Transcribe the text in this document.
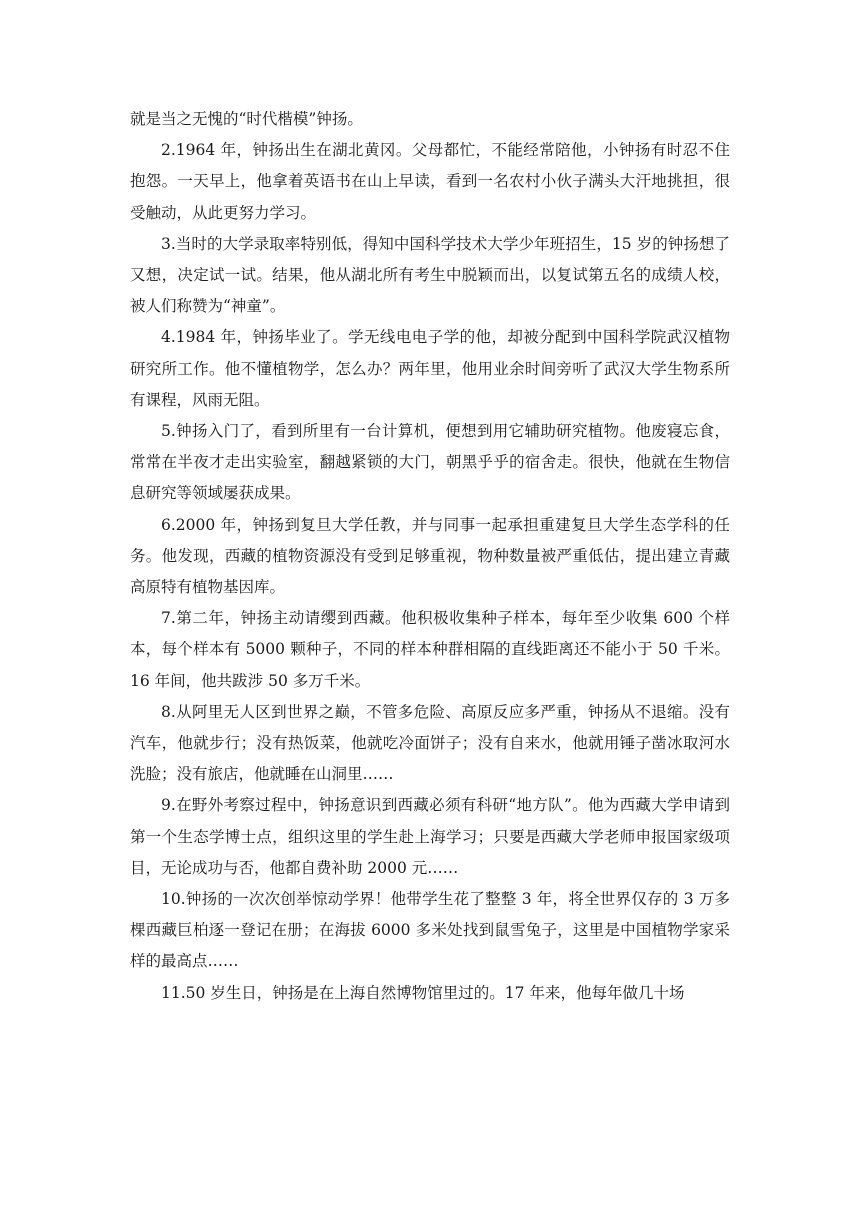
就是当之无愧的“时代楷模”钟扬。

2.1964 年，钟扬出生在湖北黄冈。父母都忙，不能经常陪他，小钟扬有时忍不住抱怨。一天早上，他拿着英语书在山上早读，看到一名农村小伙子满头大汗地挑担，很受触动，从此更努力学习。

3.当时的大学录取率特别低，得知中国科学技术大学少年班招生，15 岁的钟扬想了又想，决定试一试。结果，他从湖北所有考生中脱颖而出，以复试第五名的成绩人校，被人们称赞为“神童”。

4.1984 年，钟扬毕业了。学无线电电子学的他，却被分配到中国科学院武汉植物研究所工作。他不懂植物学，怎么办？两年里，他用业余时间旁听了武汉大学生物系所有课程，风雨无阻。

5.钟扬入门了，看到所里有一台计算机，便想到用它辅助研究植物。他废寝忘食，常常在半夜才走出实验室，翻越紧锁的大门，朝黑乎乎的宿舍走。很快，他就在生物信息研究等领域屡获成果。

6.2000 年，钟扬到复旦大学任教，并与同事一起承担重建复旦大学生态学科的任务。他发现，西藏的植物资源没有受到足够重视，物种数量被严重低估，提出建立青藏高原特有植物基因库。

7.第二年，钟扬主动请缨到西藏。他积极收集种子样本，每年至少收集 600 个样本，每个样本有 5000 颗种子，不同的样本种群相隔的直线距离还不能小于 50 千米。16 年间，他共跋涉 50 多万千米。

8.从阿里无人区到世界之巅，不管多危险、高原反应多严重，钟扬从不退缩。没有汽车，他就步行；没有热饭菜，他就吃冷面饼子；没有自来水，他就用锤子凿冰取河水洗脸；没有旅店，他就睡在山洞里……

9.在野外考察过程中，钟扬意识到西藏必须有科研“地方队”。他为西藏大学申请到第一个生态学博士点，组织这里的学生赴上海学习；只要是西藏大学老师申报国家级项目，无论成功与否，他都自费补助 2000 元……

10.钟扬的一次次创举惊动学界！他带学生花了整整 3 年，将全世界仅存的 3 万多棵西藏巨柏逐一登记在册；在海拔 6000 多米处找到鼠雪兔子，这里是中国植物学家采样的最高点……

11.50 岁生日，钟扬是在上海自然博物馆里过的。17 年来，他每年做几十场
